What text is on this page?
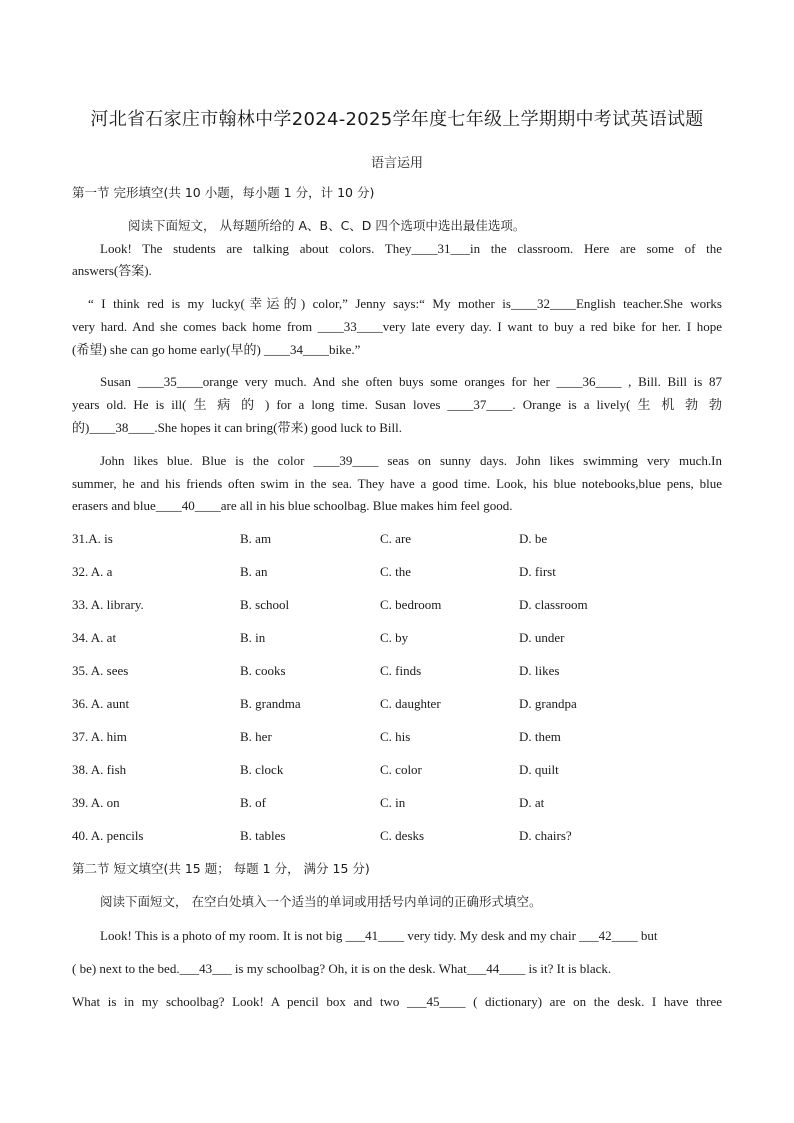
河北省石家庄市翰林中学2024-2025学年度七年级上学期期中考试英语试题
语言运用
第一节 完形填空(共 10 小题，每小题 1 分，计 10 分)
阅读下面短文， 从每题所给的 A、B、C、D 四个选项中选出最佳选项。
Look! The students are talking about colors. They____31___in the classroom. Here are some of the
answers(答案).
“ I think red is my lucky(幸运的) color,” Jenny says:“ My mother is____32____English teacher.She works
very hard. And she comes back home from ____33____very late every day. I want to buy a red bike for her. I hope
(希望) she can go home early(早的) ____34____bike.”
Susan ____35____orange very much. And she often buys some oranges for her ____36____ , Bill. Bill is 87
years old. He is ill( 生 病 的 ) for a long time. Susan loves ____37____. Orange is a lively( 生 机 勃 勃
的)____38____.She hopes it can bring(带来) good luck to Bill.
John likes blue. Blue is the color ____39____ seas on sunny days. John likes swimming very much.In
summer, he and his friends often swim in the sea. They have a good time. Look, his blue notebooks,blue pens, blue
erasers and blue____40____are all in his blue schoolbag. Blue makes him feel good.
31.A. is	B. am	C. are	D. be
32. A. a	B. an	C. the	D. first
33. A. library.	B. school	C. bedroom	D. classroom
34. A. at	B. in	C. by	D. under
35. A. sees	B. cooks	C. finds	D. likes
36. A. aunt	B. grandma	C. daughter	D. grandpa
37. A. him	B. her	C. his	D. them
38. A. fish	B. clock	C. color	D. quilt
39. A. on	B. of	C. in	D. at
40. A. pencils	B. tables	C. desks	D. chairs?
第二节 短文填空(共 15 题； 每题 1 分， 满分 15 分)
阅读下面短文， 在空白处填入一个适当的单词或用括号内单词的正确形式填空。
Look! This is a photo of my room. It is not big ___41____ very tidy. My desk and my chair ___42____ but
( be) next to the bed.___43___ is my schoolbag? Oh, it is on the desk. What___44____ is it? It is black.
What is in my schoolbag? Look! A pencil box and two ___45____ ( dictionary) are on the desk. I have three
